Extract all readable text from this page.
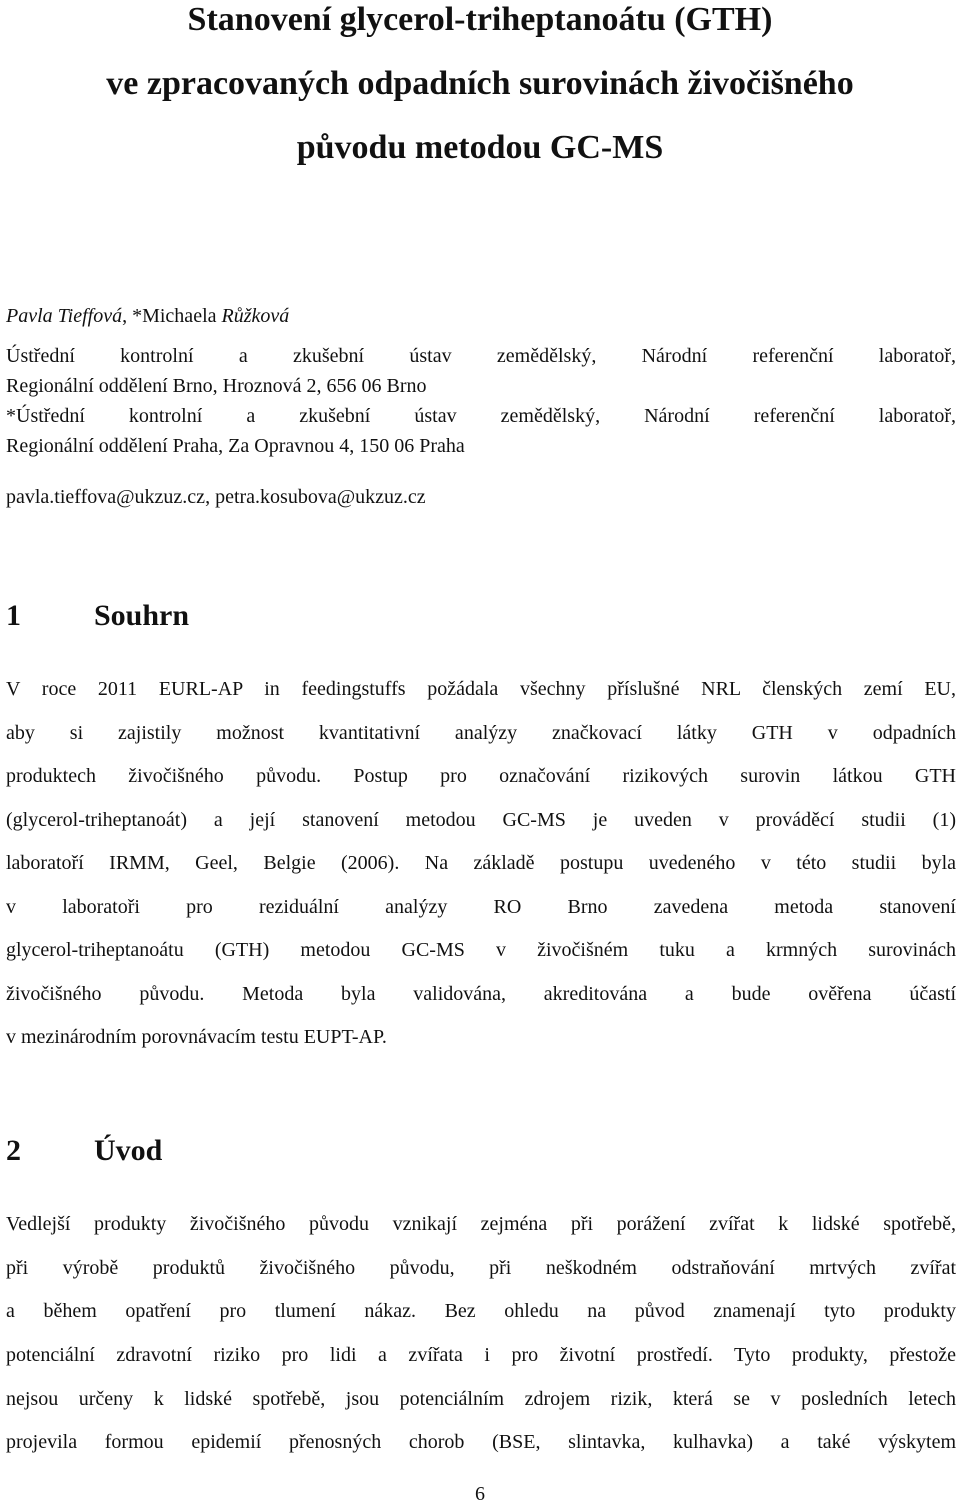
Stanovení glycerol-triheptanoátu (GTH)
ve zpracovaných odpadních surovinách živočišného
původu metodou GC-MS

Pavla Tieffová, *Michaela Růžková

Ústřední kontrolní a zkušební ústav zemědělský, Národní referenční laboratoř,
Regionální oddělení Brno, Hroznová 2, 656 06 Brno
*Ústřední kontrolní a zkušební ústav zemědělský, Národní referenční laboratoř,
Regionální oddělení Praha, Za Opravnou 4, 150 06 Praha

pavla.tieffova@ukzuz.cz, petra.kosubova@ukzuz.cz

1 Souhrn
V roce 2011 EURL-AP in feedingstuffs požádala všechny příslušné NRL členských zemí EU,
aby si zajistily možnost kvantitativní analýzy značkovací látky GTH v odpadních
produktech živočišného původu. Postup pro označování rizikových surovin látkou GTH
(glycerol-triheptanoát) a její stanovení metodou GC-MS je uveden v prováděcí studii (1)
laboratoří IRMM, Geel, Belgie (2006). Na základě postupu uvedeného v této studii byla
v laboratoři pro reziduální analýzy RO Brno zavedena metoda stanovení
glycerol-triheptanoátu (GTH) metodou GC-MS v živočišném tuku a krmných surovinách
živočišného původu. Metoda byla validována, akreditována a bude ověřena účastí
v mezinárodním porovnávacím testu EUPT-AP.
2 Úvod
Vedlejší produkty živočišného původu vznikají zejména při porážení zvířat k lidské spotřebě,
při výrobě produktů živočišného původu, při neškodném odstraňování mrtvých zvířat
a během opatření pro tlumení nákaz. Bez ohledu na původ znamenají tyto produkty
potenciální zdravotní riziko pro lidi a zvířata i pro životní prostředí. Tyto produkty, přestože
nejsou určeny k lidské spotřebě, jsou potenciálním zdrojem rizik, která se v posledních letech
projevila formou epidemií přenosných chorob (BSE, slintavka, kulhavka) a také výskytem

6
